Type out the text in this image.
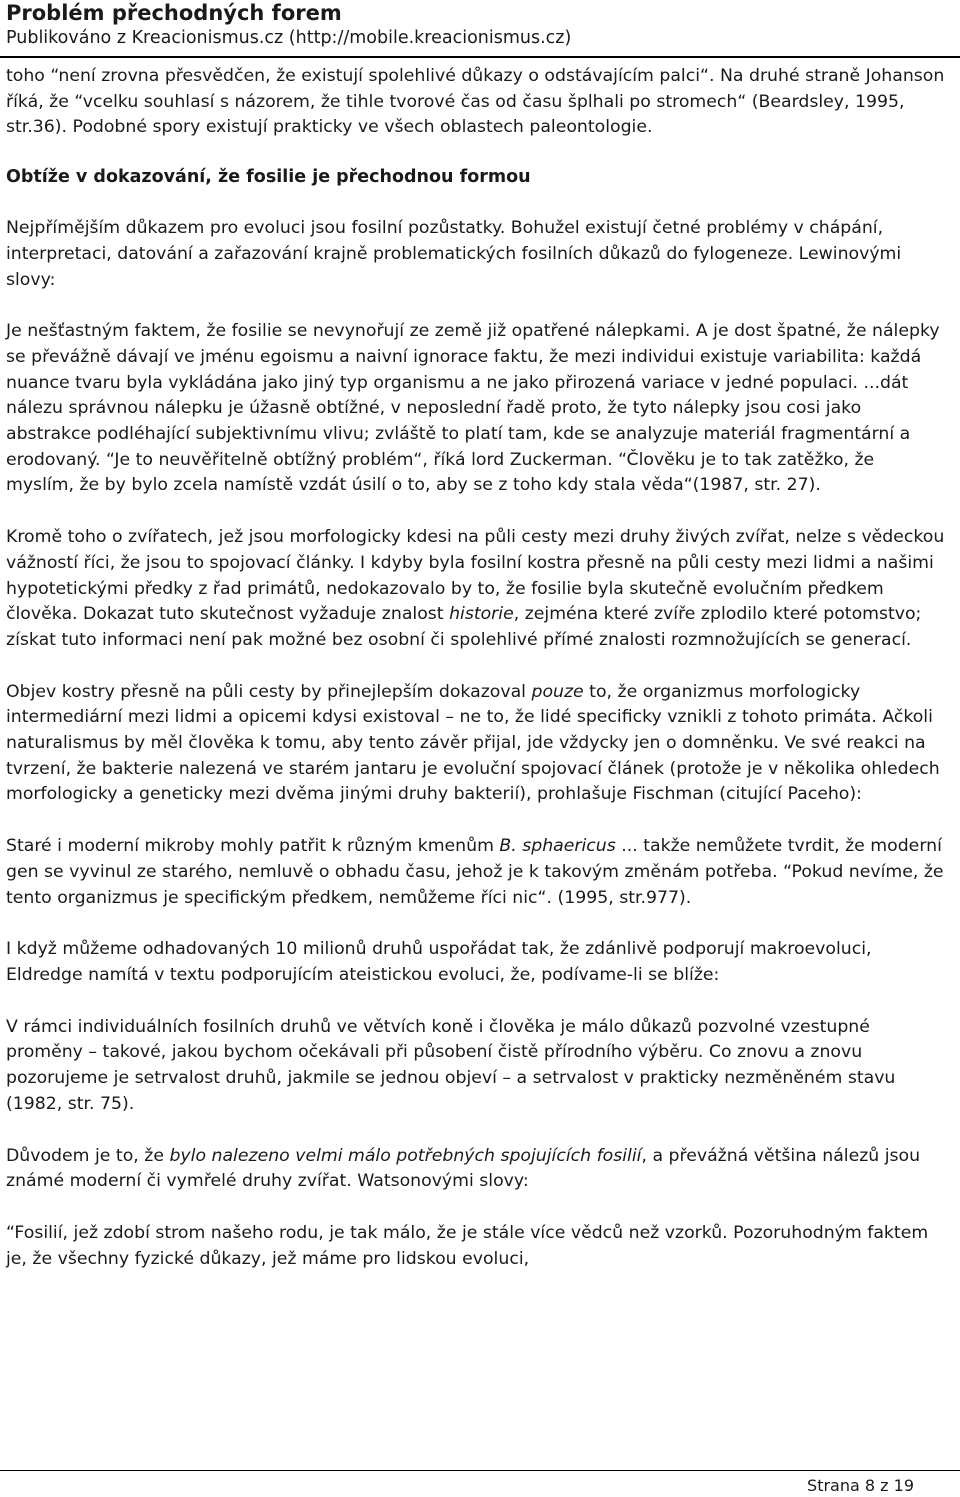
Problém přechodných forem

Publikováno z Kreacionismus.cz (http://mobile.kreacionismus.cz)

toho “není zrovna přesvědčen, že existují spolehlivé důkazy o odstávajícím palci“. Na druhé straně Johanson říká, že “vcelku souhlasí s názorem, že tihle tvorové čas od času šplhali po stromech“ (Beardsley, 1995, str.36). Podobné spory existují prakticky ve všech oblastech paleontologie.

Obtíže v dokazování, že fosilie je přechodnou formou

Nejpřímějším důkazem pro evoluci jsou fosilní pozůstatky. Bohužel existují četné problémy v chápání, interpretaci, datování a zařazování krajně problematických fosilních důkazů do fylogeneze. Lewinovými slovy:

Je nešťastným faktem, že fosilie se nevynořují ze země již opatřené nálepkami. A je dost špatné, že nálepky se převážně dávají ve jménu egoismu a naivní ignorace faktu, že mezi individui existuje variabilita: každá nuance tvaru byla vykládána jako jiný typ organismu a ne jako přirozená variace v jedné populaci. ...dát nálezu správnou nálepku je úžasně obtížné, v neposlední řadě proto, že tyto nálepky jsou cosi jako abstrakce podléhající subjektivnímu vlivu; zvláště to platí tam, kde se analyzuje materiál fragmentární a erodovaný. “Je to neuvěřitelně obtížný problém“, říká lord Zuckerman. “Člověku je to tak zatěžko, že myslím, že by bylo zcela namístě vzdát úsilí o to, aby se z toho kdy stala věda“(1987, str. 27).

Kromě toho o zvířatech, jež jsou morfologicky kdesi na půli cesty mezi druhy živých zvířat, nelze s vědeckou vážností říci, že jsou to spojovací články. I kdyby byla fosilní kostra přesně na půli cesty mezi lidmi a našimi hypotetickými předky z řad primátů, nedokazovalo by to, že fosilie byla skutečně evolučním předkem člověka. Dokazat tuto skutečnost vyžaduje znalost historie, zejména které zvíře zplodilo které potomstvo; získat tuto informaci není pak možné bez osobní či spolehlivé přímé znalosti rozmnožujících se generací.

Objev kostry přesně na půli cesty by přinejlepším dokazoval pouze to, že organizmus morfologicky intermediární mezi lidmi a opicemi kdysi existoval – ne to, že lidé specificky vznikli z tohoto primáta. Ačkoli naturalismus by měl člověka k tomu, aby tento závěr přijal, jde vždycky jen o domněnku. Ve své reakci na tvrzení, že bakterie nalezená ve starém jantaru je evoluční spojovací článek (protože je v několika ohledech morfologicky a geneticky mezi dvěma jinými druhy bakterií), prohlašuje Fischman (citující Paceho):

Staré i moderní mikroby mohly patřit k různým kmenům B. sphaericus ... takže nemůžete tvrdit, že moderní gen se vyvinul ze starého, nemluvě o obhadu času, jehož je k takovým změnám potřeba. “Pokud nevíme, že tento organizmus je specifickým předkem, nemůžeme říci nic“. (1995, str.977).

I když můžeme odhadovaných 10 milionů druhů uspořádat tak, že zdánlivě podporují makroevoluci, Eldredge namítá v textu podporujícím ateistickou evoluci, že, podívame-li se blíže:

V rámci individuálních fosilních druhů ve větvích koně i člověka je málo důkazů pozvolné vzestupné proměny – takové, jakou bychom očekávali při působení čistě přírodního výběru. Co znovu a znovu pozorujeme je setrvalost druhů, jakmile se jednou objeví – a setrvalost v prakticky nezměněném stavu (1982, str. 75).

Důvodem je to, že bylo nalezeno velmi málo potřebných spojujících fosilií, a převážná většina nálezů jsou známé moderní či vymřelé druhy zvířat. Watsonovými slovy:

“Fosilií, jež zdobí strom našeho rodu, je tak málo, že je stále více vědců než vzorků. Pozoruhodným faktem je, že všechny fyzické důkazy, jež máme pro lidskou evoluci,

Strana 8 z 19
